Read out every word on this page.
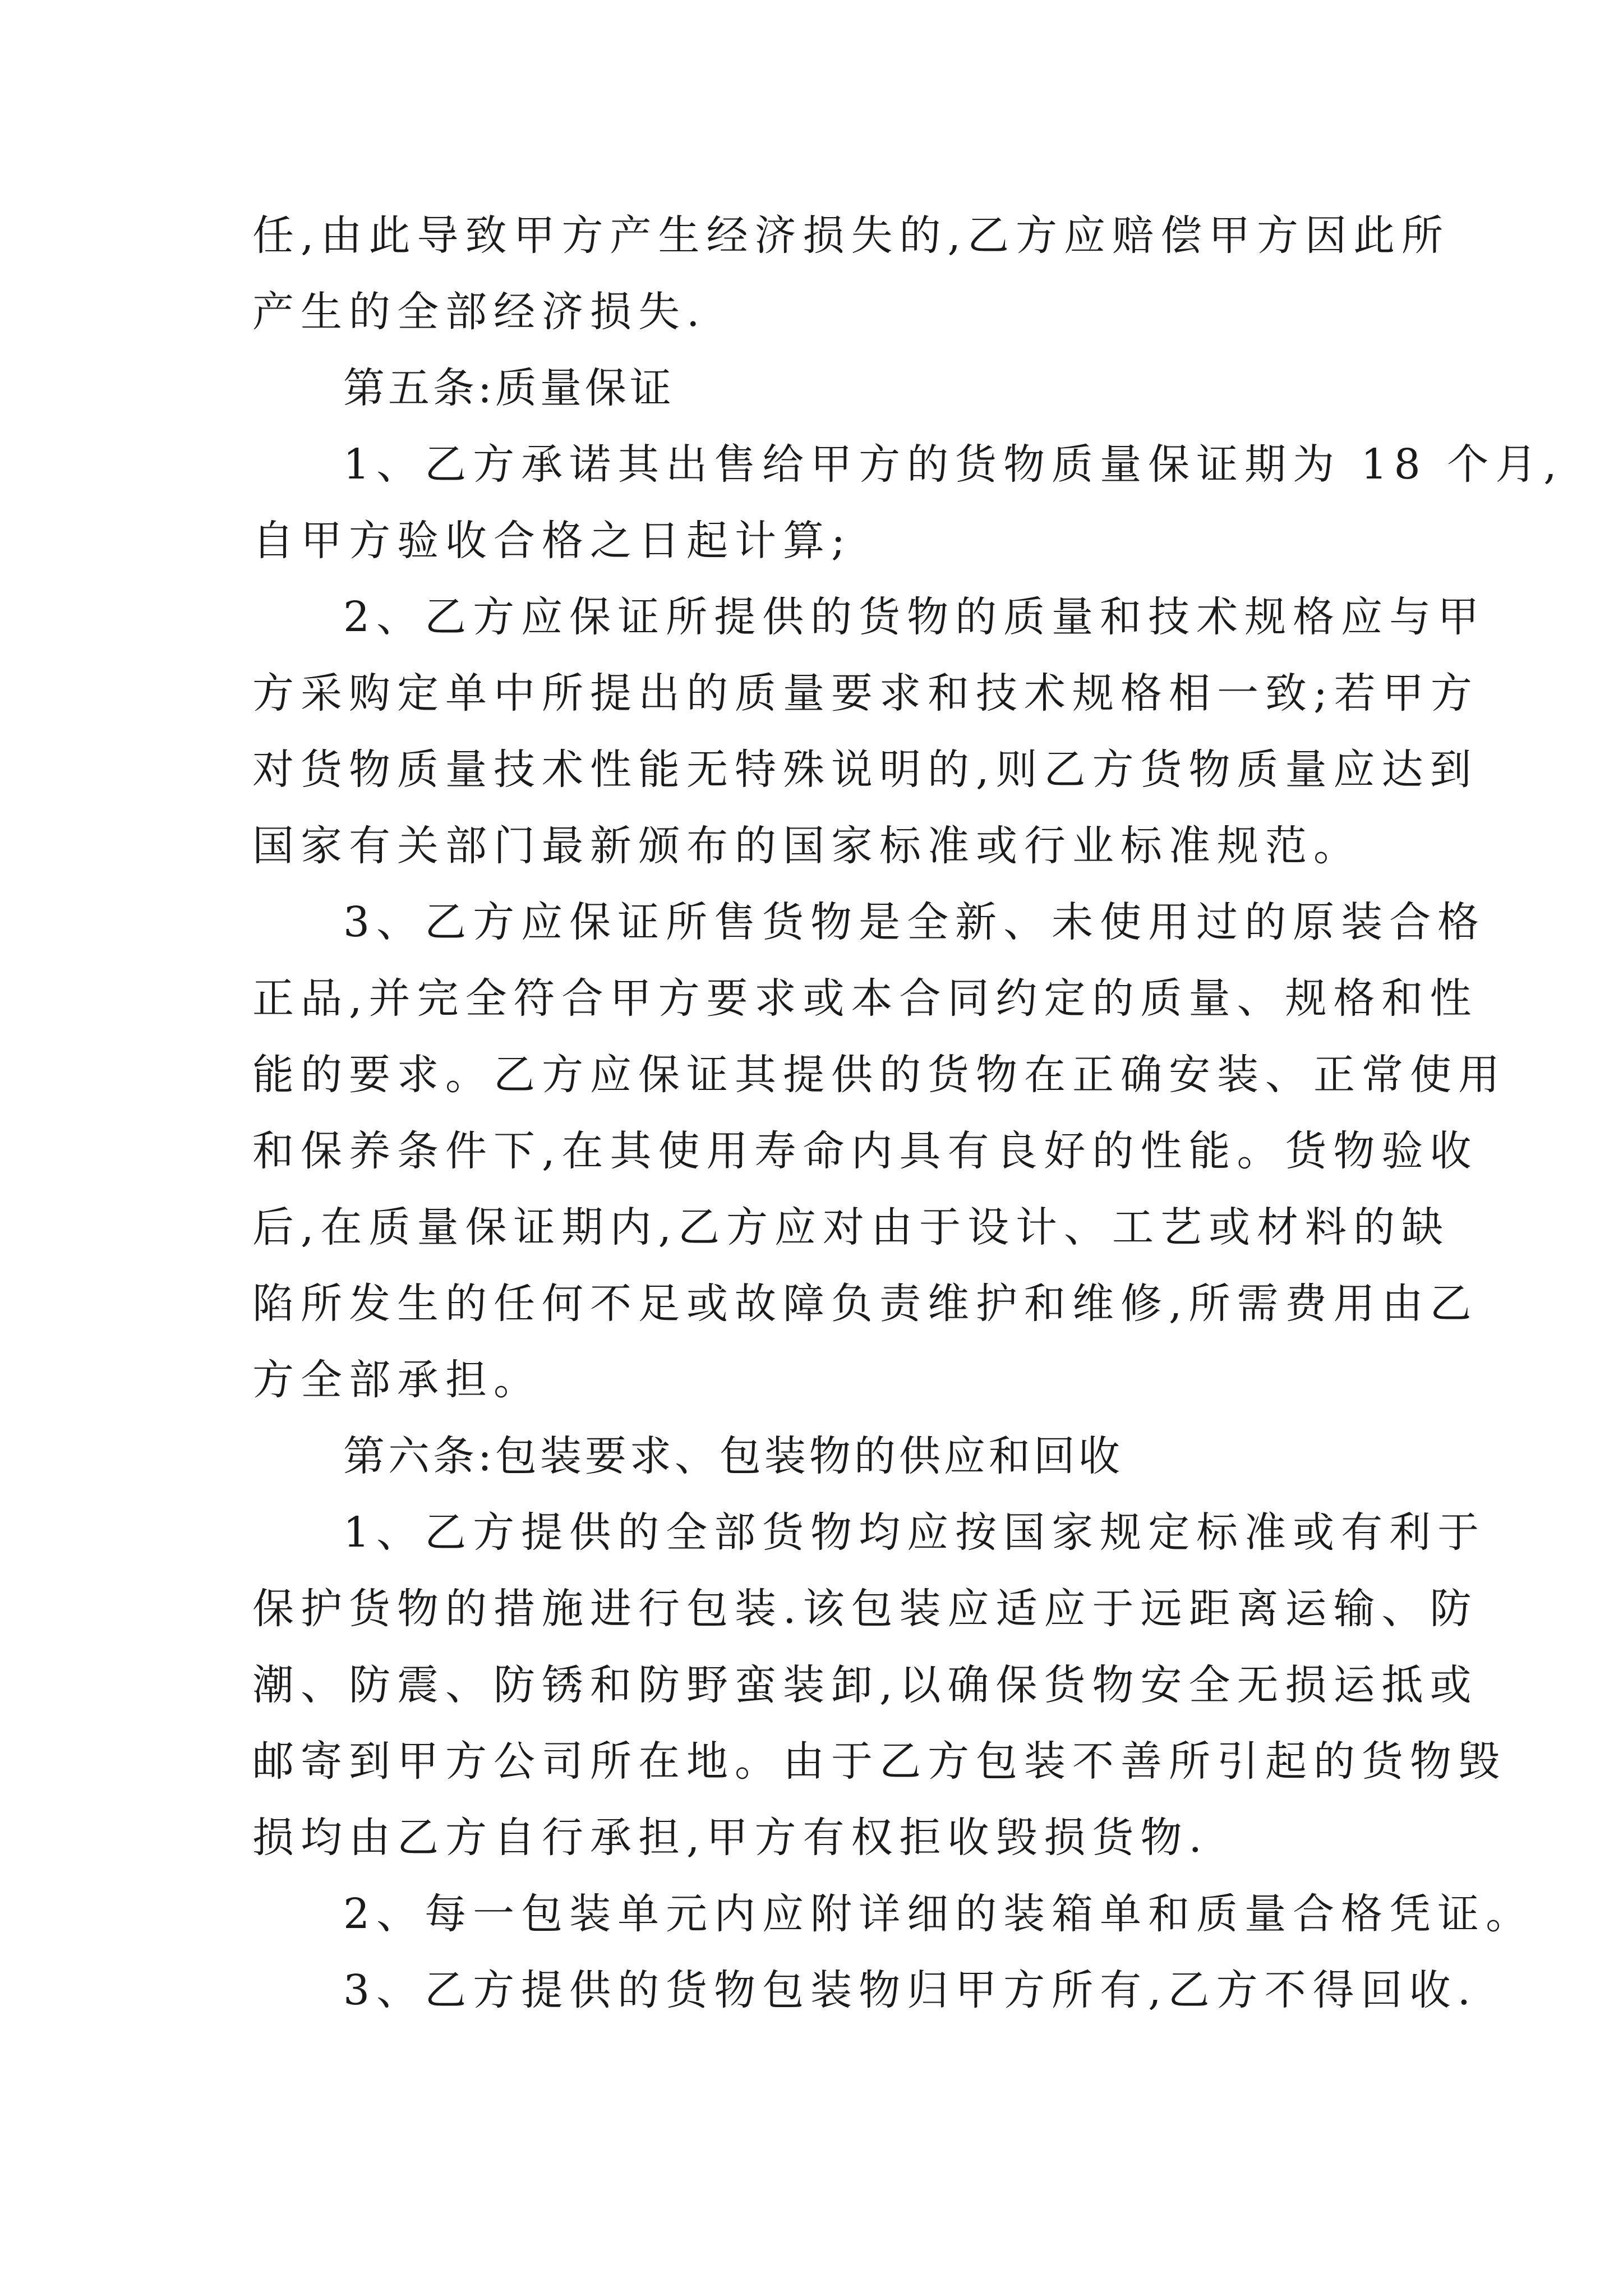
任,由此导致甲方产生经济损失的,乙方应赔偿甲方因此所
产生的全部经济损失.
第五条:质量保证
1、乙方承诺其出售给甲方的货物质量保证期为 18 个月,
自甲方验收合格之日起计算;
2、乙方应保证所提供的货物的质量和技术规格应与甲
方采购定单中所提出的质量要求和技术规格相一致;若甲方
对货物质量技术性能无特殊说明的,则乙方货物质量应达到
国家有关部门最新颁布的国家标准或行业标准规范。
3、乙方应保证所售货物是全新、未使用过的原装合格
正品,并完全符合甲方要求或本合同约定的质量、规格和性
能的要求。乙方应保证其提供的货物在正确安装、正常使用
和保养条件下,在其使用寿命内具有良好的性能。货物验收
后,在质量保证期内,乙方应对由于设计、工艺或材料的缺
陷所发生的任何不足或故障负责维护和维修,所需费用由乙
方全部承担。
第六条:包装要求、包装物的供应和回收
1、乙方提供的全部货物均应按国家规定标准或有利于
保护货物的措施进行包装.该包装应适应于远距离运输、防
潮、防震、防锈和防野蛮装卸,以确保货物安全无损运抵或
邮寄到甲方公司所在地。由于乙方包装不善所引起的货物毁
损均由乙方自行承担,甲方有权拒收毁损货物.
2、每一包装单元内应附详细的装箱单和质量合格凭证。
3、乙方提供的货物包装物归甲方所有,乙方不得回收.
